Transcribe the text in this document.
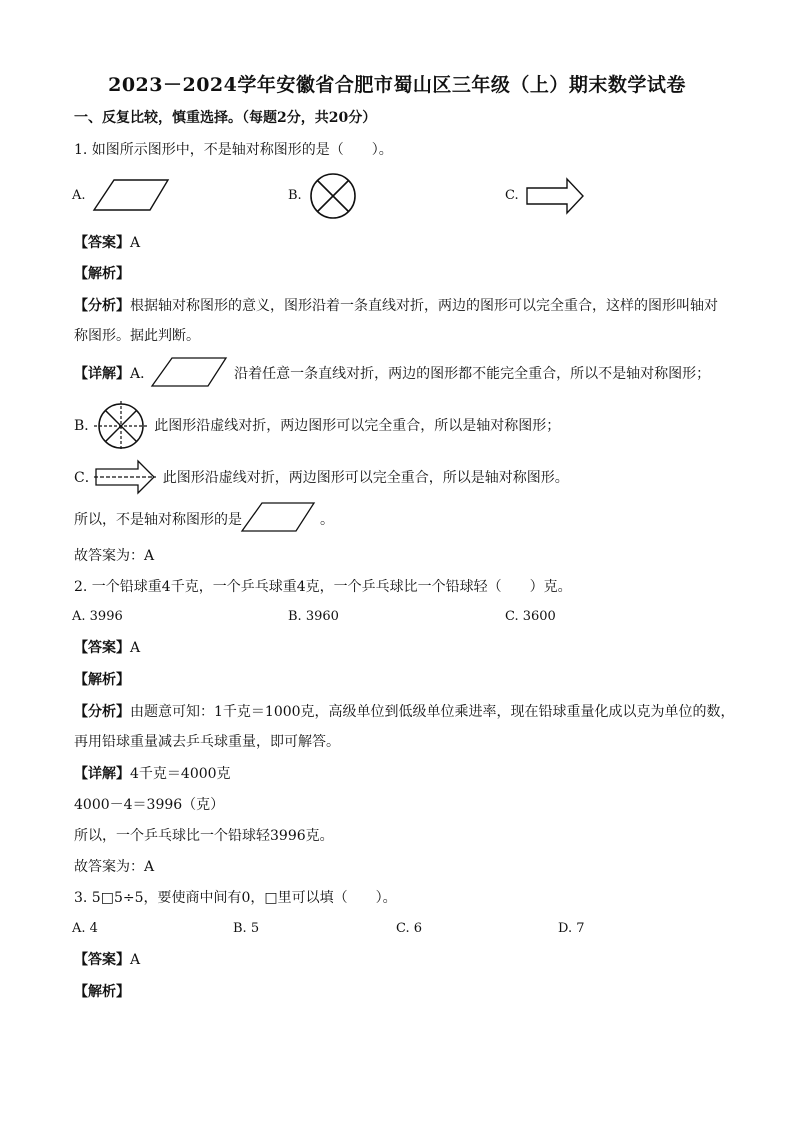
2023－2024学年安徽省合肥市蜀山区三年级（上）期末数学试卷
一、反复比较，慎重选择。（每题2分，共20分）
1. 如图所示图形中，不是轴对称图形的是（　　）。
A.	B.	C.
【答案】A
【解析】
【分析】根据轴对称图形的意义，图形沿着一条直线对折，两边的图形可以完全重合，这样的图形叫轴对
称图形。据此判断。
【详解】A．	沿着任意一条直线对折，两边的图形都不能完全重合，所以不是轴对称图形；
B．	此图形沿虚线对折，两边图形可以完全重合，所以是轴对称图形；
C．	此图形沿虚线对折，两边图形可以完全重合，所以是轴对称图形。
所以，不是轴对称图形的是	。
故答案为：A
2. 一个铅球重4千克，一个乒乓球重4克，一个乒乓球比一个铅球轻（　　）克。
A. 3996	B. 3960	C. 3600
【答案】A
【解析】
【分析】由题意可知：1千克＝1000克，高级单位到低级单位乘进率，现在铅球重量化成以克为单位的数，
再用铅球重量减去乒乓球重量，即可解答。
【详解】4千克＝4000克
4000－4＝3996（克）
所以，一个乒乓球比一个铅球轻3996克。
故答案为：A
3. 5□5÷5，要使商中间有0，□里可以填（　　）。
A. 4	B. 5	C. 6	D. 7
【答案】A
【解析】
